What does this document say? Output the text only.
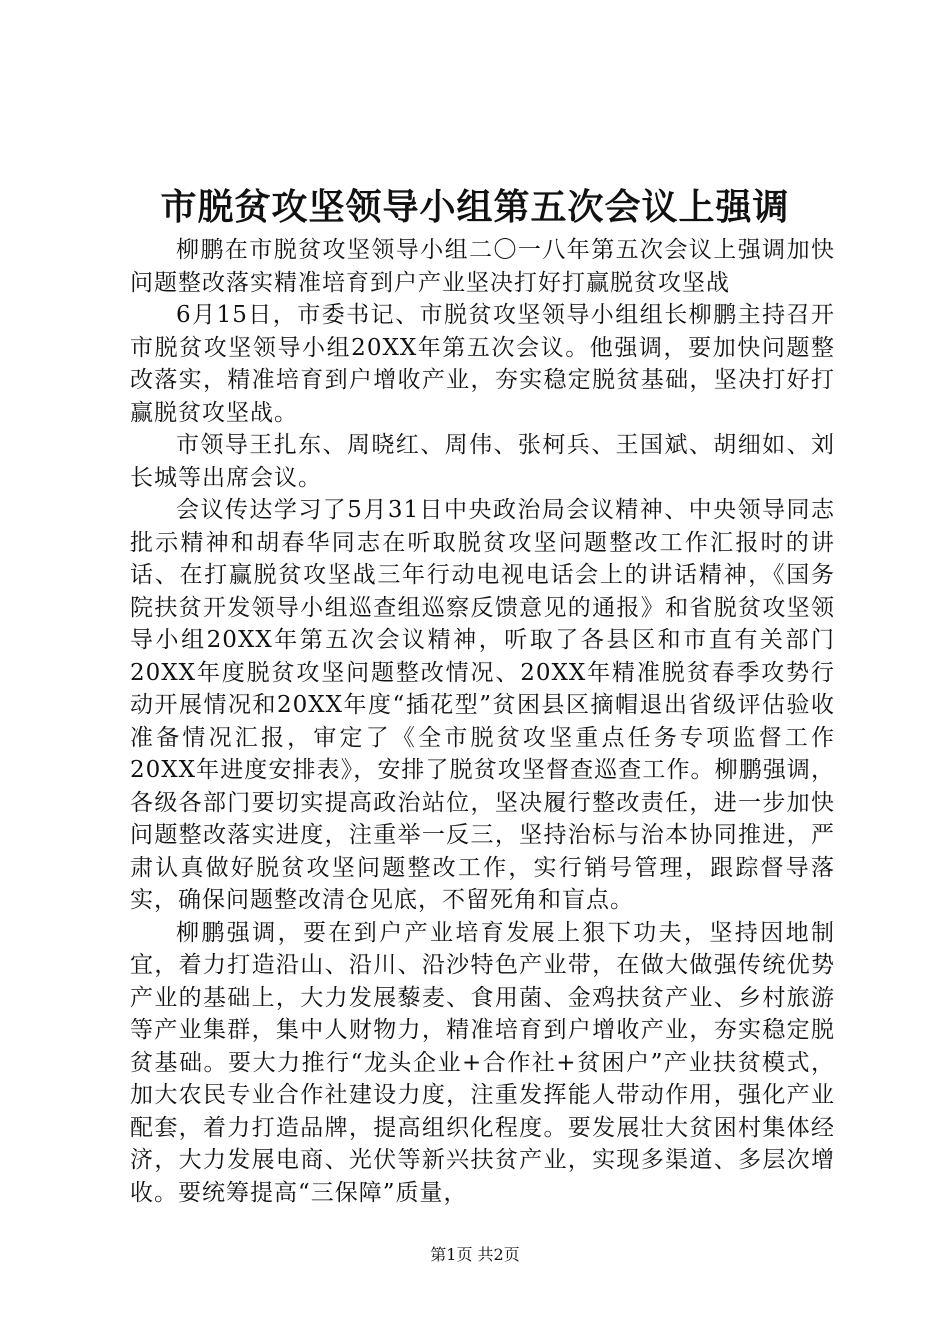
市脱贫攻坚领导小组第五次会议上强调

柳鹏在市脱贫攻坚领导小组二〇一八年第五次会议上强调加快问题整改落实精准培育到户产业坚决打好打赢脱贫攻坚战

6月15日，市委书记、市脱贫攻坚领导小组组长柳鹏主持召开市脱贫攻坚领导小组20XX年第五次会议。他强调，要加快问题整改落实，精准培育到户增收产业，夯实稳定脱贫基础，坚决打好打赢脱贫攻坚战。

市领导王扎东、周晓红、周伟、张柯兵、王国斌、胡细如、刘长城等出席会议。

会议传达学习了5月31日中央政治局会议精神、中央领导同志批示精神和胡春华同志在听取脱贫攻坚问题整改工作汇报时的讲话、在打赢脱贫攻坚战三年行动电视电话会上的讲话精神，《国务院扶贫开发领导小组巡查组巡察反馈意见的通报》和省脱贫攻坚领导小组20XX年第五次会议精神，听取了各县区和市直有关部门20XX年度脱贫攻坚问题整改情况、20XX年精准脱贫春季攻势行动开展情况和20XX年度“插花型”贫困县区摘帽退出省级评估验收准备情况汇报，审定了《全市脱贫攻坚重点任务专项监督工作20XX年进度安排表》，安排了脱贫攻坚督查巡查工作。柳鹏强调，各级各部门要切实提高政治站位，坚决履行整改责任，进一步加快问题整改落实进度，注重举一反三，坚持治标与治本协同推进，严肃认真做好脱贫攻坚问题整改工作，实行销号管理，跟踪督导落实，确保问题整改清仓见底，不留死角和盲点。

柳鹏强调，要在到户产业培育发展上狠下功夫，坚持因地制宜，着力打造沿山、沿川、沿沙特色产业带，在做大做强传统优势产业的基础上，大力发展藜麦、食用菌、金鸡扶贫产业、乡村旅游等产业集群，集中人财物力，精准培育到户增收产业，夯实稳定脱贫基础。要大力推行“龙头企业+合作社+贫困户”产业扶贫模式，加大农民专业合作社建设力度，注重发挥能人带动作用，强化产业配套，着力打造品牌，提高组织化程度。要发展壮大贫困村集体经济，大力发展电商、光伏等新兴扶贫产业，实现多渠道、多层次增收。要统筹提高“三保障”质量，

第1页 共2页
